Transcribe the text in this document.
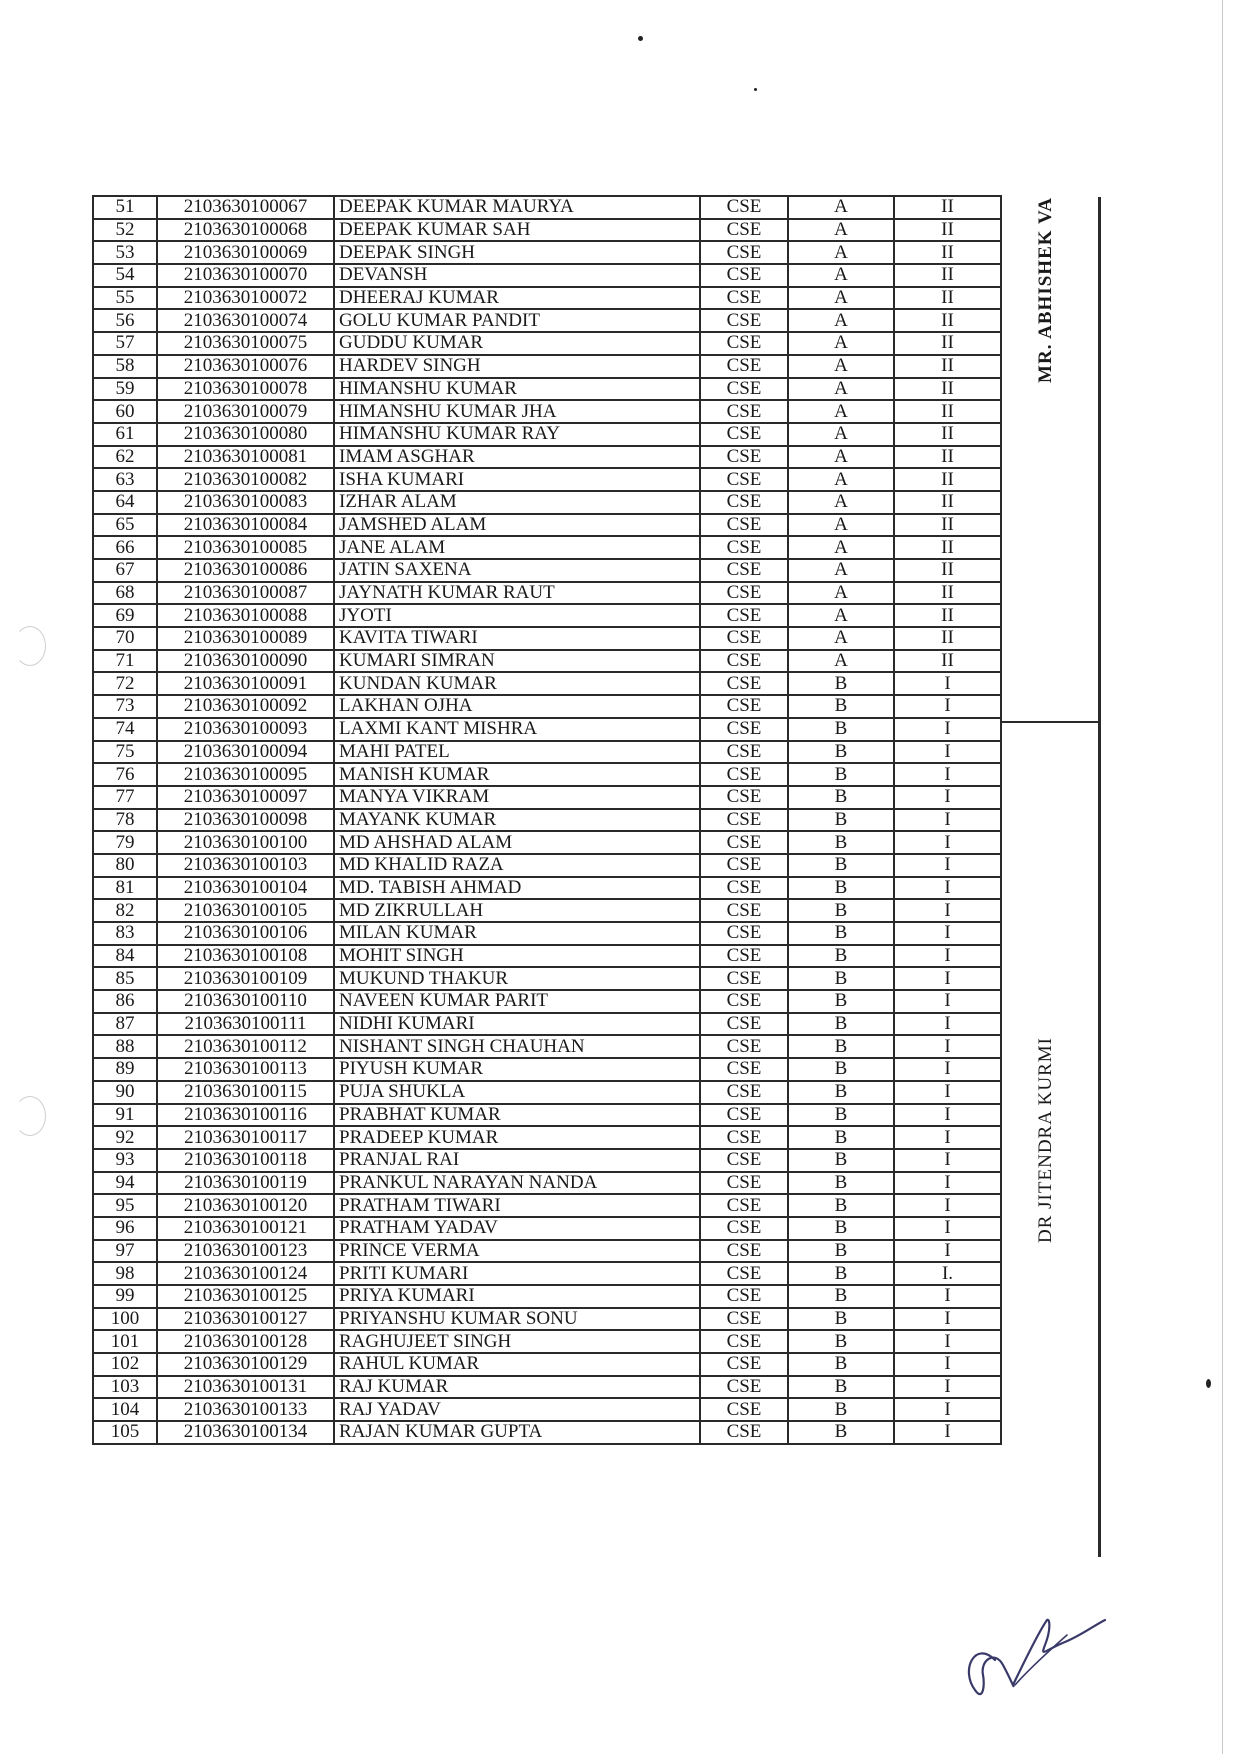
51	2103630100067	DEEPAK KUMAR MAURYA	CSE	A	II
52	2103630100068	DEEPAK KUMAR SAH	CSE	A	II
53	2103630100069	DEEPAK SINGH	CSE	A	II
54	2103630100070	DEVANSH	CSE	A	II
55	2103630100072	DHEERAJ KUMAR	CSE	A	II
56	2103630100074	GOLU KUMAR PANDIT	CSE	A	II
57	2103630100075	GUDDU KUMAR	CSE	A	II
58	2103630100076	HARDEV SINGH	CSE	A	II
59	2103630100078	HIMANSHU KUMAR	CSE	A	II
60	2103630100079	HIMANSHU KUMAR JHA	CSE	A	II
61	2103630100080	HIMANSHU KUMAR RAY	CSE	A	II
62	2103630100081	IMAM ASGHAR	CSE	A	II
63	2103630100082	ISHA KUMARI	CSE	A	II
64	2103630100083	IZHAR ALAM	CSE	A	II
65	2103630100084	JAMSHED ALAM	CSE	A	II
66	2103630100085	JANE ALAM	CSE	A	II
67	2103630100086	JATIN SAXENA	CSE	A	II
68	2103630100087	JAYNATH KUMAR RAUT	CSE	A	II
69	2103630100088	JYOTI	CSE	A	II
70	2103630100089	KAVITA TIWARI	CSE	A	II
71	2103630100090	KUMARI SIMRAN	CSE	A	II
72	2103630100091	KUNDAN KUMAR	CSE	B	I
73	2103630100092	LAKHAN OJHA	CSE	B	I
74	2103630100093	LAXMI KANT MISHRA	CSE	B	I
75	2103630100094	MAHI PATEL	CSE	B	I
76	2103630100095	MANISH KUMAR	CSE	B	I
77	2103630100097	MANYA VIKRAM	CSE	B	I
78	2103630100098	MAYANK KUMAR	CSE	B	I
79	2103630100100	MD AHSHAD ALAM	CSE	B	I
80	2103630100103	MD KHALID RAZA	CSE	B	I
81	2103630100104	MD. TABISH AHMAD	CSE	B	I
82	2103630100105	MD ZIKRULLAH	CSE	B	I
83	2103630100106	MILAN KUMAR	CSE	B	I
84	2103630100108	MOHIT SINGH	CSE	B	I
85	2103630100109	MUKUND THAKUR	CSE	B	I
86	2103630100110	NAVEEN KUMAR PARIT	CSE	B	I
87	2103630100111	NIDHI KUMARI	CSE	B	I
88	2103630100112	NISHANT SINGH CHAUHAN	CSE	B	I
89	2103630100113	PIYUSH KUMAR	CSE	B	I
90	2103630100115	PUJA SHUKLA	CSE	B	I
91	2103630100116	PRABHAT KUMAR	CSE	B	I
92	2103630100117	PRADEEP KUMAR	CSE	B	I
93	2103630100118	PRANJAL RAI	CSE	B	I
94	2103630100119	PRANKUL NARAYAN NANDA	CSE	B	I
95	2103630100120	PRATHAM TIWARI	CSE	B	I
96	2103630100121	PRATHAM YADAV	CSE	B	I
97	2103630100123	PRINCE VERMA	CSE	B	I
98	2103630100124	PRITI KUMARI	CSE	B	I.
99	2103630100125	PRIYA KUMARI	CSE	B	I
100	2103630100127	PRIYANSHU KUMAR SONU	CSE	B	I
101	2103630100128	RAGHUJEET SINGH	CSE	B	I
102	2103630100129	RAHUL KUMAR	CSE	B	I
103	2103630100131	RAJ KUMAR	CSE	B	I
104	2103630100133	RAJ YADAV	CSE	B	I
105	2103630100134	RAJAN KUMAR GUPTA	CSE	B	I
MR. ABHISHEK VA
DR JITENDRA KURMI
